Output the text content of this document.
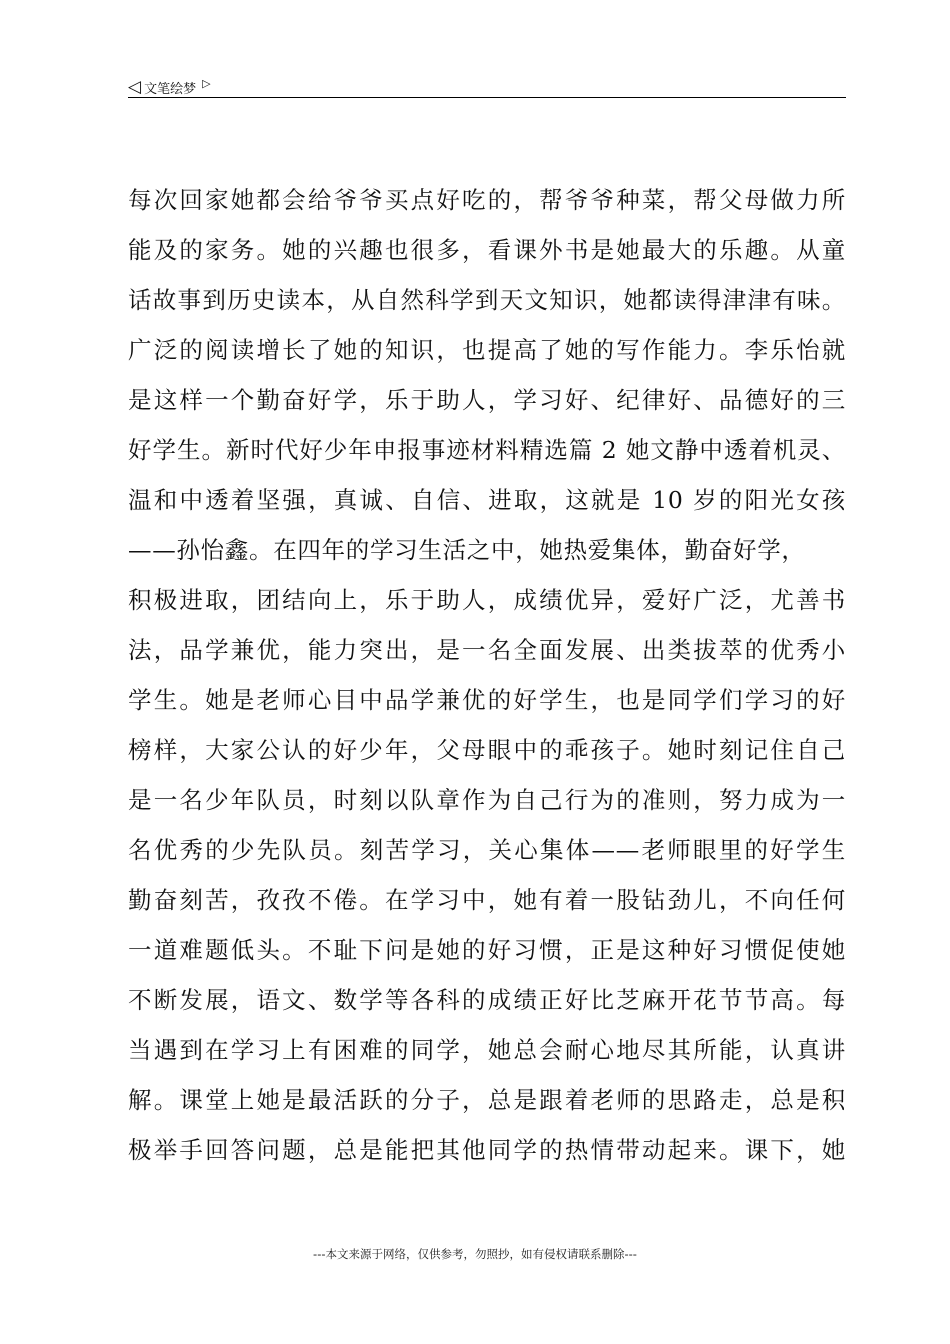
◁ 文笔绘梦 ▷
每次回家她都会给爷爷买点好吃的，帮爷爷种菜，帮父母做力所
能及的家务。她的兴趣也很多，看课外书是她最大的乐趣。从童
话故事到历史读本，从自然科学到天文知识，她都读得津津有味。
广泛的阅读增长了她的知识，也提高了她的写作能力。李乐怡就
是这样一个勤奋好学，乐于助人，学习好、纪律好、品德好的三
好学生。新时代好少年申报事迹材料精选篇 2 她文静中透着机灵、
温和中透着坚强，真诚、自信、进取，这就是 10 岁的阳光女孩
——孙怡鑫。在四年的学习生活之中，她热爱集体，勤奋好学，
积极进取，团结向上，乐于助人，成绩优异，爱好广泛，尤善书
法，品学兼优，能力突出，是一名全面发展、出类拔萃的优秀小
学生。她是老师心目中品学兼优的好学生，也是同学们学习的好
榜样，大家公认的好少年，父母眼中的乖孩子。她时刻记住自己
是一名少年队员，时刻以队章作为自己行为的准则，努力成为一
名优秀的少先队员。刻苦学习，关心集体——老师眼里的好学生
勤奋刻苦，孜孜不倦。在学习中，她有着一股钻劲儿，不向任何
一道难题低头。不耻下问是她的好习惯，正是这种好习惯促使她
不断发展，语文、数学等各科的成绩正好比芝麻开花节节高。每
当遇到在学习上有困难的同学，她总会耐心地尽其所能，认真讲
解。课堂上她是最活跃的分子，总是跟着老师的思路走，总是积
极举手回答问题，总是能把其他同学的热情带动起来。课下，她
---本文来源于网络，仅供参考，勿照抄，如有侵权请联系删除---
